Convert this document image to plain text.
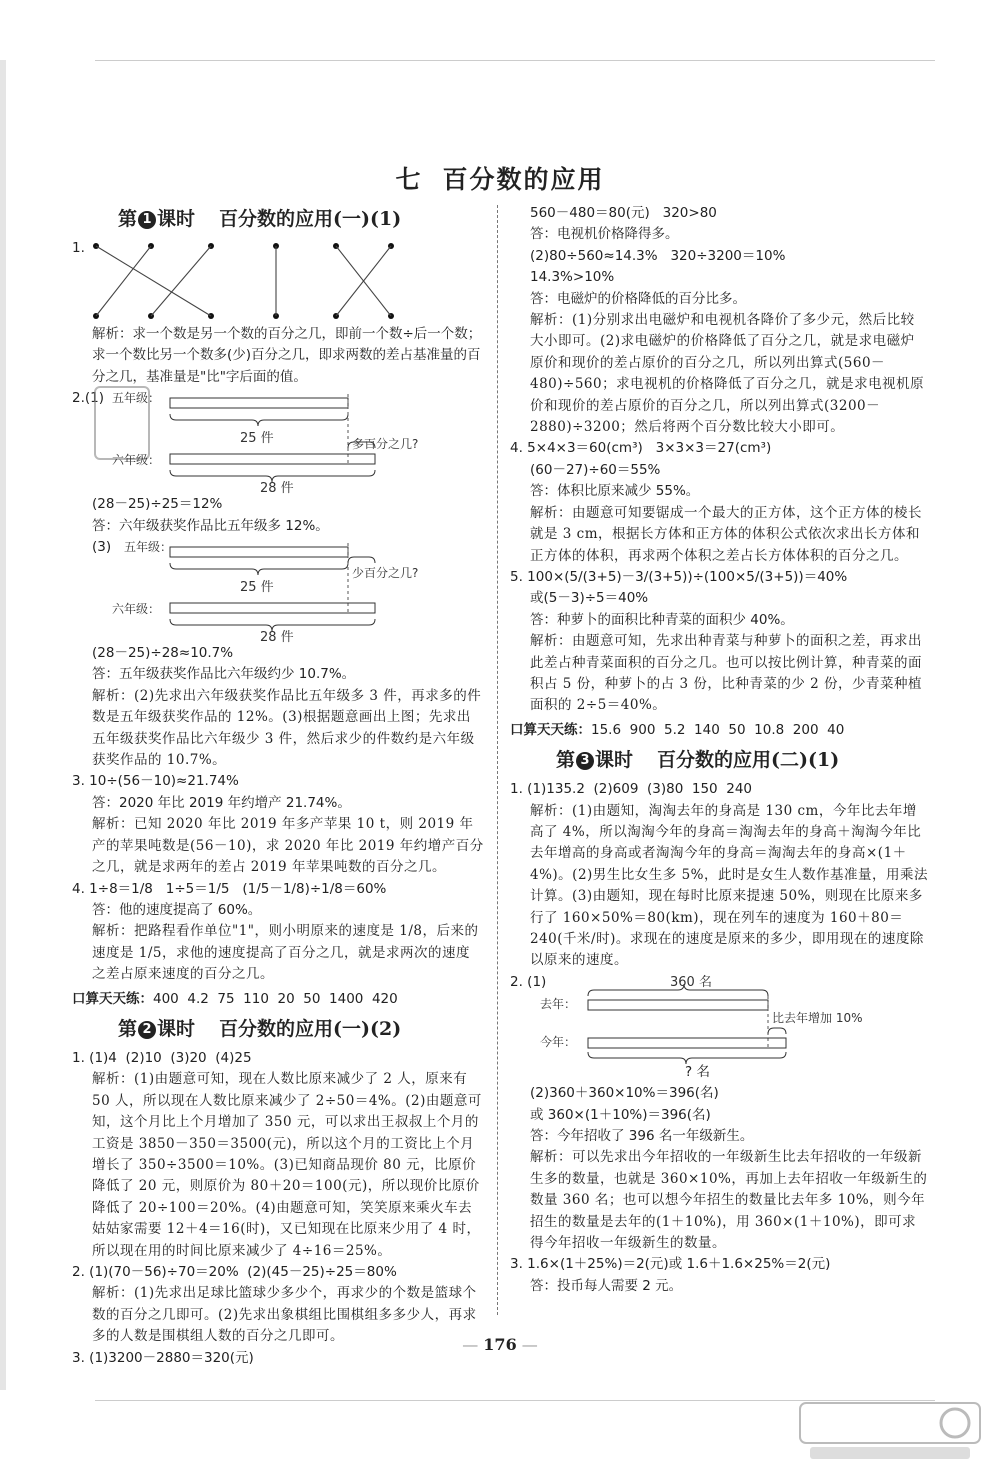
七 百分数的应用
第 1 课时 百分数的应用(一)(1)
1.

解析：求一个数是另一个数的百分之几，即前一个数÷后一个数；求一个数比另一个数多(少)百分之几，即求两数的差占基准量的百分之几，基准量是"比"字后面的值。

2.(1) 五年级：
25 件	多百分之几?
六年级：
28 件

(28－25)÷25＝12%

答：六年级获奖作品比五年级多 12%。

(3) 五年级：
25 件
少百分之几?
六年级：
28 件

(28－25)÷28≈10.7%

答：五年级获奖作品比六年级约少 10.7%。

解析：(2)先求出六年级获奖作品比五年级多 3 件，再求多的件数是五年级获奖作品的 12%。(3)根据题意画出上图；先求出五年级获奖作品比六年级少 3 件，然后求少的件数约是六年级获奖作品的 10.7%。

3. 10÷(56－10)≈21.74%

答：2020 年比 2019 年约增产 21.74%。

解析：已知 2020 年比 2019 年多产苹果 10 t，则 2019 年产的苹果吨数是(56－10)，求 2020 年比 2019 年约增产百分之几，就是求两年的差占 2019 年苹果吨数的百分之几。

4. 1÷8＝1/8   1÷5＝1/5   (1/5－1/8)÷1/8＝60%

答：他的速度提高了 60%。

解析：把路程看作单位"1"，则小明原来的速度是 1/8，后来的速度是 1/5，求他的速度提高了百分之几，就是求两次的速度之差占原来速度的百分之几。

口算天天练：400  4.2  75  110  20  50  1400  420

第 2 课时 百分数的应用(一)(2)

1. (1)4  (2)10  (3)20  (4)25

解析：(1)由题意可知，现在人数比原来减少了 2 人，原来有 50 人，所以现在人数比原来减少了 2÷50＝4%。(2)由题意可知，这个月比上个月增加了 350 元，可以求出王叔叔上个月的工资是 3850－350＝3500(元)，所以这个月的工资比上个月增长了 350÷3500＝10%。(3)已知商品现价 80 元，比原价降低了 20 元，则原价为 80＋20＝100(元)，所以现价比原价降低了 20÷100＝20%。(4)由题意可知，笑笑原来乘火车去姑姑家需要 12＋4＝16(时)，又已知现在比原来少用了 4 时，所以现在用的时间比原来减少了 4÷16＝25%。

2. (1)(70－56)÷70＝20%  (2)(45－25)÷25＝80%

解析：(1)先求出足球比篮球少多少个，再求少的个数是篮球个数的百分之几即可。(2)先求出象棋组比围棋组多多少人，再求多的人数是围棋组人数的百分之几即可。

3. (1)3200－2880＝320(元)

560－480＝80(元)   320>80

答：电视机价格降得多。

(2)80÷560≈14.3%   320÷3200＝10%

14.3%>10%

答：电磁炉的价格降低的百分比多。

解析：(1)分别求出电磁炉和电视机各降价了多少元，然后比较大小即可。(2)求电磁炉的价格降低了百分之几，就是求电磁炉原价和现价的差占原价的百分之几，所以列出算式(560－480)÷560；求电视机的价格降低了百分之几，就是求电视机原价和现价的差占原价的百分之几，所以列出算式(3200－2880)÷3200；然后将两个百分数比较大小即可。

4. 5×4×3＝60(cm³)   3×3×3＝27(cm³)

(60－27)÷60＝55%

答：体积比原来减少 55%。

解析：由题意可知要锯成一个最大的正方体，这个正方体的棱长就是 3 cm，根据长方体和正方体的体积公式依次求出长方体和正方体的体积，再求两个体积之差占长方体体积的百分之几。

5. 100×(5/(3+5)－3/(3+5))÷(100×5/(3+5))＝40%

或(5－3)÷5＝40%

答：种萝卜的面积比种青菜的面积少 40%。

解析：由题意可知，先求出种青菜与种萝卜的面积之差，再求出此差占种青菜面积的百分之几。也可以按比例计算，种青菜的面积占 5 份，种萝卜的占 3 份，比种青菜的少 2 份，少青菜种植面积的 2÷5＝40%。

口算天天练：15.6  900  5.2  140  50  10.8  200  40

第 3 课时 百分数的应用(二)(1)

1. (1)135.2  (2)609  (3)80  150  240

解析：(1)由题知，淘淘去年的身高是 130 cm，今年比去年增高了 4%，所以淘淘今年的身高＝淘淘去年的身高＋淘淘今年比去年增高的身高或者淘淘今年的身高＝淘淘去年的身高×(1＋4%)。(2)男生比女生多 5%，此时是女生人数作基准量，用乘法计算。(3)由题知，现在每时比原来提速 50%，则现在比原来多行了 160×50%＝80(km)，现在列车的速度为 160＋80＝240(千米/时)。求现在的速度是原来的多少，即用现在的速度除以原来的速度。

2. (1)	360 名
去年：
比去年增加 10%
今年：

? 名

(2)360＋360×10%＝396(名)

或 360×(1＋10%)＝396(名)

答：今年招收了 396 名一年级新生。

解析：可以先求出今年招收的一年级新生比去年招收的一年级新生多的数量，也就是 360×10%，再加上去年招收一年级新生的数量 360 名；也可以想今年招生的数量比去年多 10%，则今年招生的数量是去年的(1＋10%)，用 360×(1＋10%)，即可求得今年招收一年级新生的数量。

3. 1.6×(1＋25%)＝2(元)或 1.6＋1.6×25%＝2(元)

答：投币每人需要 2 元。

— 176 —
